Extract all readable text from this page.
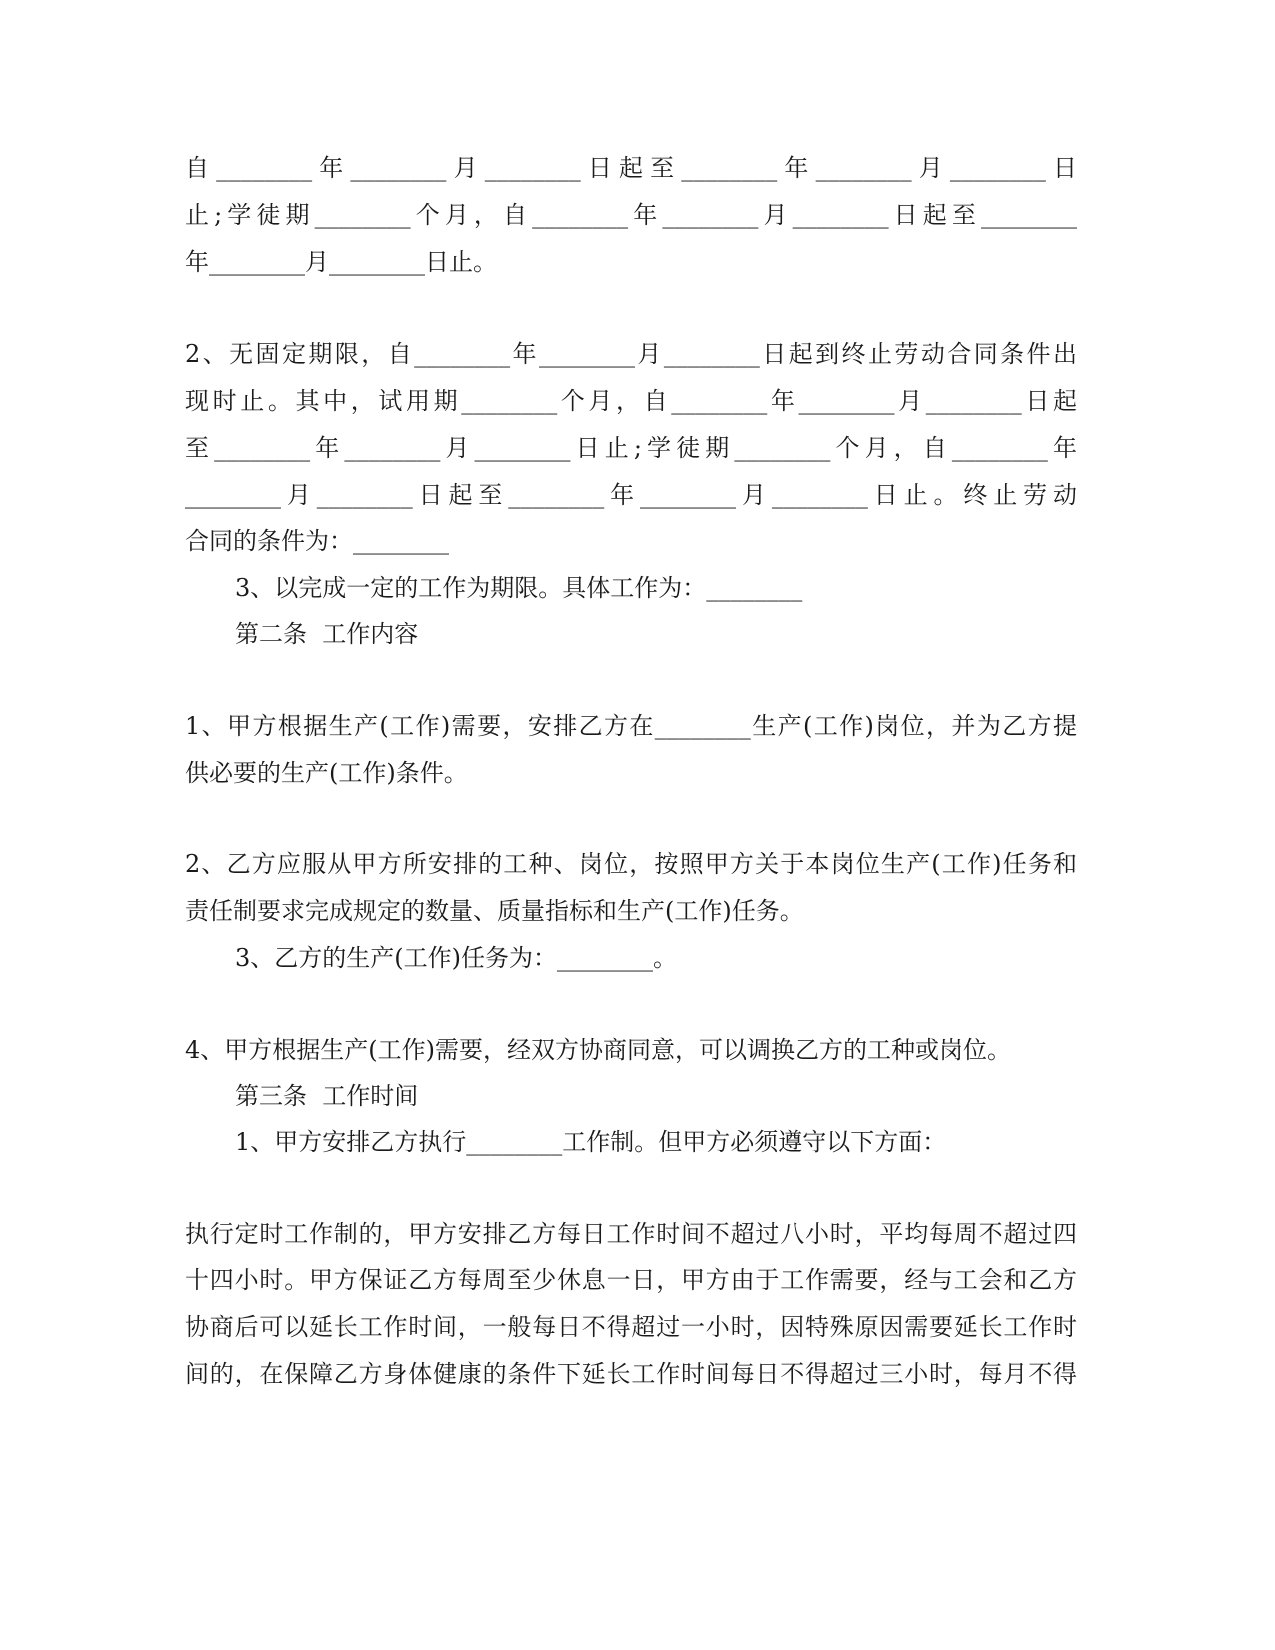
自________年________月________日起至________年________月________日
止;学徒期________个月，自________年________月________日起至________
年________月________日止。
2、无固定期限，自________年________月________日起到终止劳动合同条件出
现时止。其中，试用期________个月，自________年________月________日起
至________年________月________日止;学徒期________个月，自________年
________月________日起至________年________月________日止。终止劳动
合同的条件为：________
3、以完成一定的工作为期限。具体工作为：________
第二条  工作内容
1、甲方根据生产(工作)需要，安排乙方在________生产(工作)岗位，并为乙方提
供必要的生产(工作)条件。
2、乙方应服从甲方所安排的工种、岗位，按照甲方关于本岗位生产(工作)任务和
责任制要求完成规定的数量、质量指标和生产(工作)任务。
3、乙方的生产(工作)任务为：________。
4、甲方根据生产(工作)需要，经双方协商同意，可以调换乙方的工种或岗位。
第三条  工作时间
1、甲方安排乙方执行________工作制。但甲方必须遵守以下方面：
执行定时工作制的，甲方安排乙方每日工作时间不超过八小时，平均每周不超过四
十四小时。甲方保证乙方每周至少休息一日，甲方由于工作需要，经与工会和乙方
协商后可以延长工作时间，一般每日不得超过一小时，因特殊原因需要延长工作时
间的，在保障乙方身体健康的条件下延长工作时间每日不得超过三小时，每月不得
